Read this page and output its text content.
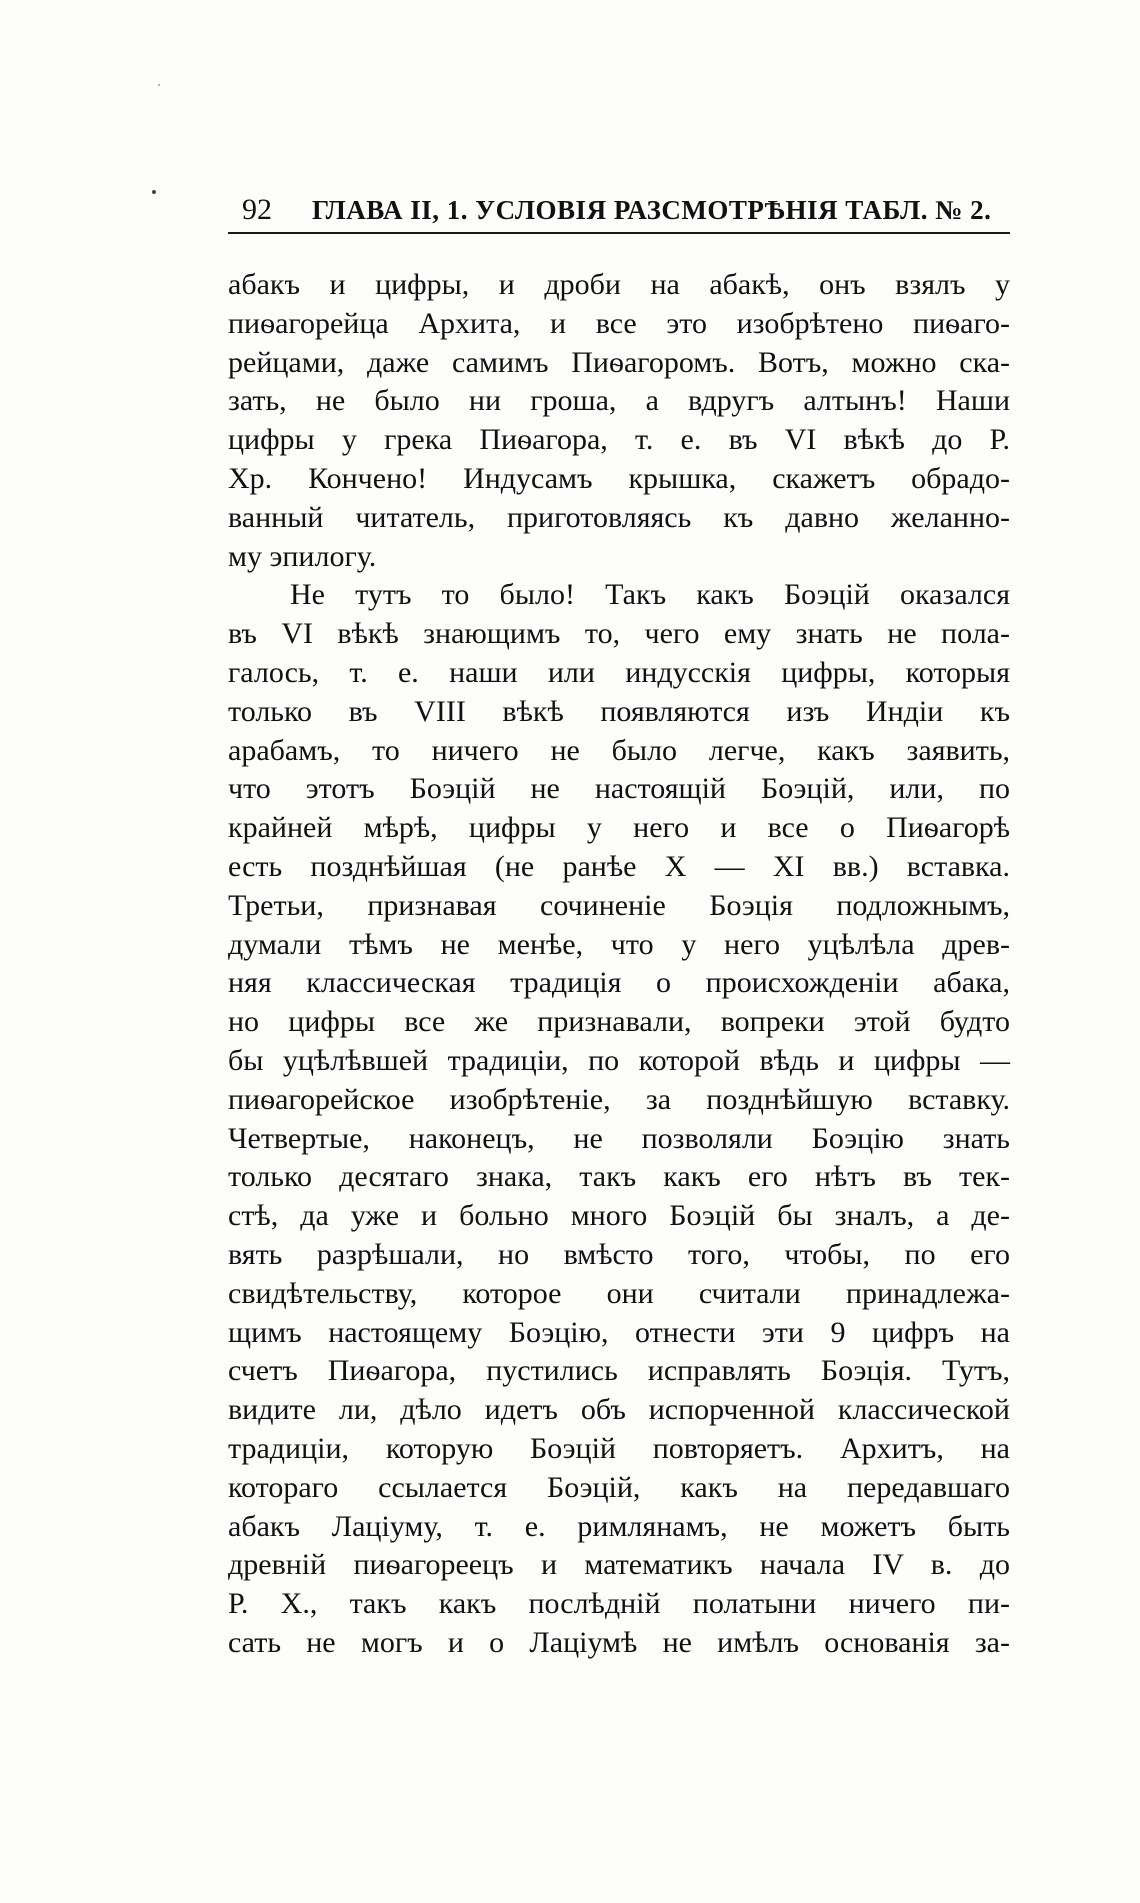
92 ГЛАВА II, 1. УСЛОВІЯ РАЗСМОТРѢНІЯ ТАБЛ. № 2.
абакъ и цифры, и дроби на абакѣ, онъ взялъ у
пиѳагорейца Архита, и все это изобрѣтено пиѳаго-
рейцами, даже самимъ Пиѳагоромъ. Вотъ, можно ска-
зать, не было ни гроша, а вдругъ алтынъ! Наши
цифры у грека Пиѳагора, т. е. въ VI вѣкѣ до Р.
Хр. Кончено! Индусамъ крышка, скажетъ обрадо-
ванный читатель, приготовляясь къ давно желанно-
му эпилогу.
Не тутъ то было! Такъ какъ Боэцій оказался
въ VI вѣкѣ знающимъ то, чего ему знать не пола-
галось, т. е. наши или индусскія цифры, которыя
только въ VIII вѣкѣ появляются изъ Индіи къ
арабамъ, то ничего не было легче, какъ заявить,
что этотъ Боэцій не настоящій Боэцій, или, по
крайней мѣрѣ, цифры у него и все о Пиѳагорѣ
есть позднѣйшая (не ранѣе X — XI вв.) вставка.
Третьи, признавая сочиненіе Боэція подложнымъ,
думали тѣмъ не менѣе, что у него уцѣлѣла древ-
няя классическая традиція о происхожденіи абака,
но цифры все же признавали, вопреки этой будто
бы уцѣлѣвшей традиціи, по которой вѣдь и цифры —
пиѳагорейское изобрѣтеніе, за позднѣйшую вставку.
Четвертые, наконецъ, не позволяли Боэцію знать
только десятаго знака, такъ какъ его нѣтъ въ тек-
стѣ, да уже и больно много Боэцій бы зналъ, а де-
вять разрѣшали, но вмѣсто того, чтобы, по его
свидѣтельству, которое они считали принадлежа-
щимъ настоящему Боэцію, отнести эти 9 цифръ на
счетъ Пиѳагора, пустились исправлять Боэція. Тутъ,
видите ли, дѣло идетъ объ испорченной классической
традиціи, которую Боэцій повторяетъ. Архитъ, на
котораго ссылается Боэцій, какъ на передавшаго
абакъ Лаціуму, т. е. римлянамъ, не можетъ быть
древній пиѳагореецъ и математикъ начала IV в. до
Р. Х., такъ какъ послѣдній полатыни ничего пи-
сать не могъ и о Лаціумѣ не имѣлъ основанія за-
